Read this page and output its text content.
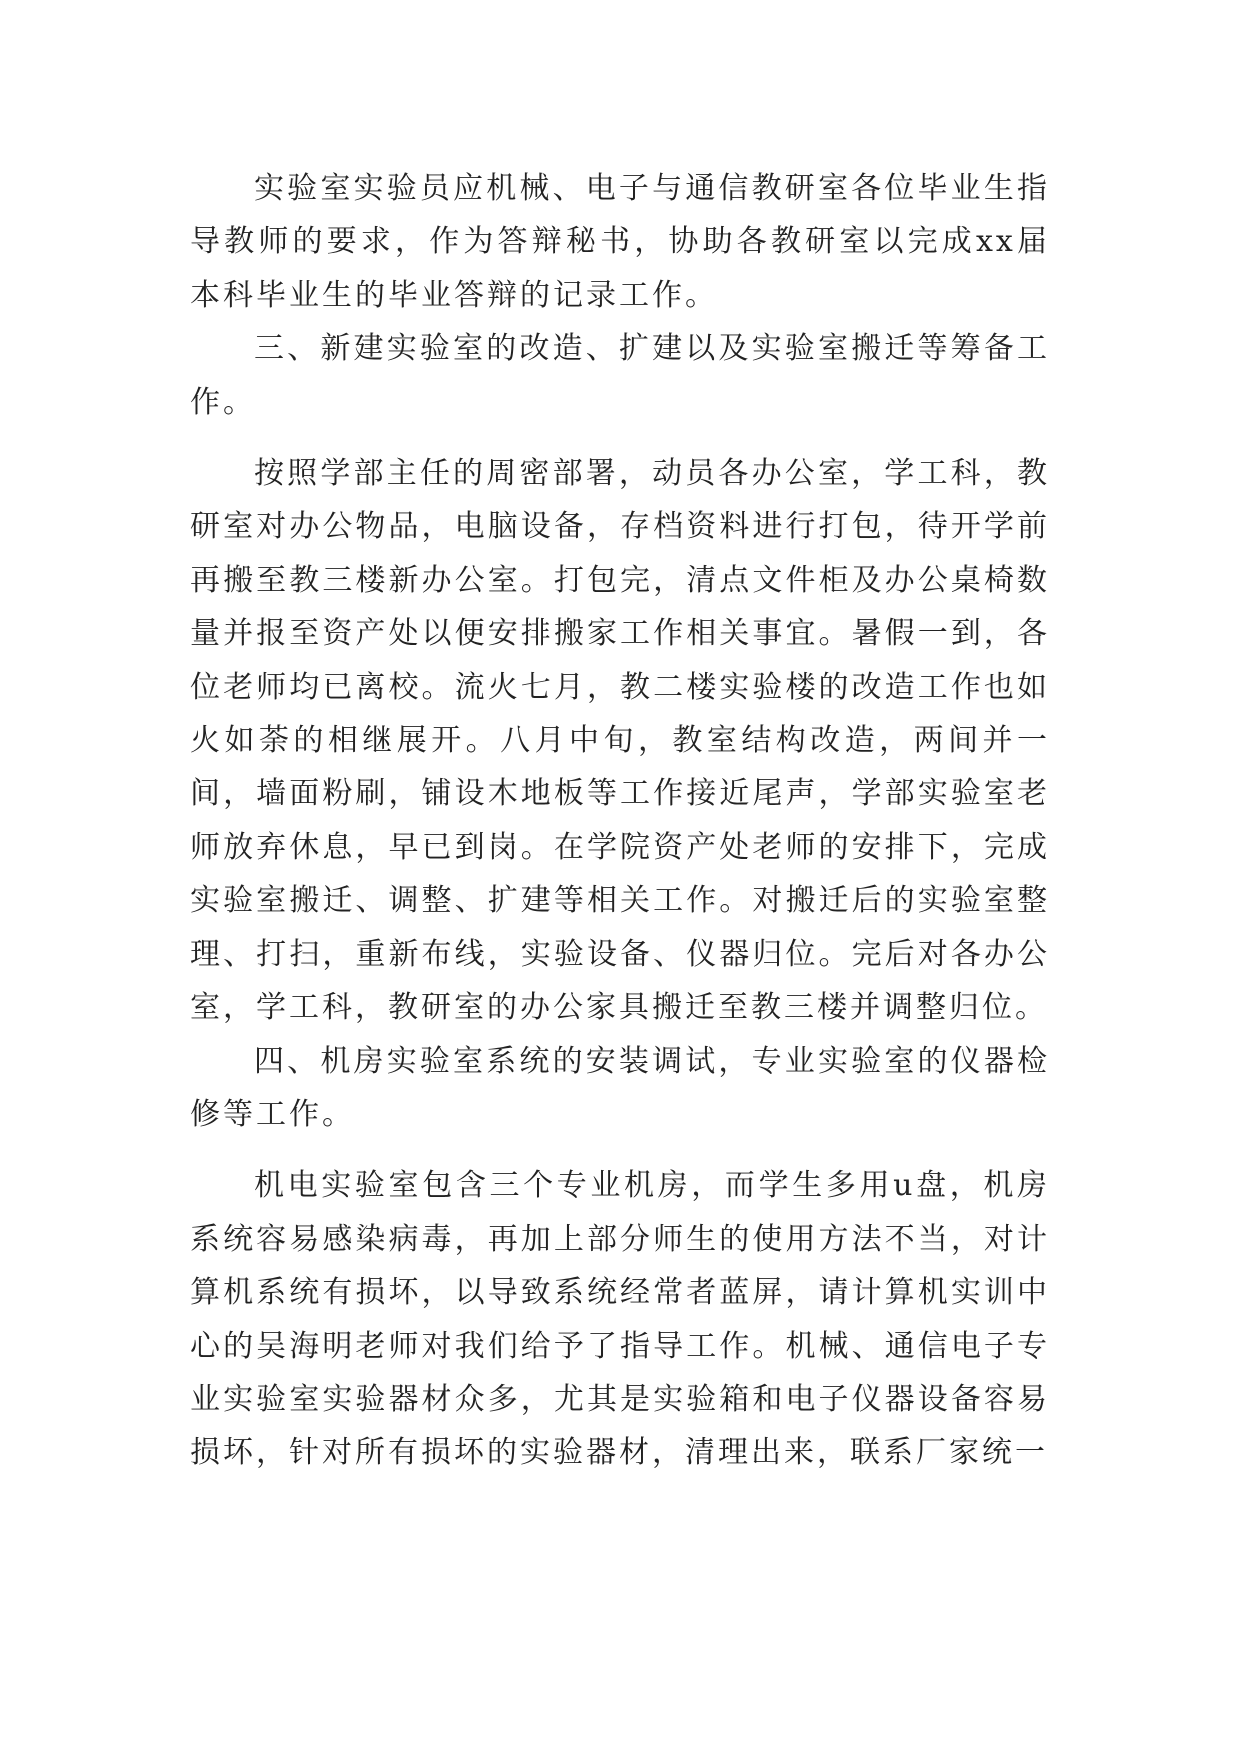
实验室实验员应机械、电子与通信教研室各位毕业生指导教师的要求，作为答辩秘书，协助各教研室以完成xx届本科毕业生的毕业答辩的记录工作。

三、新建实验室的改造、扩建以及实验室搬迁等筹备工作。

按照学部主任的周密部署，动员各办公室，学工科，教研室对办公物品，电脑设备，存档资料进行打包，待开学前再搬至教三楼新办公室。打包完，清点文件柜及办公桌椅数量并报至资产处以便安排搬家工作相关事宜。暑假一到，各位老师均已离校。流火七月，教二楼实验楼的改造工作也如火如荼的相继展开。八月中旬，教室结构改造，两间并一间，墙面粉刷，铺设木地板等工作接近尾声，学部实验室老师放弃休息，早已到岗。在学院资产处老师的安排下，完成实验室搬迁、调整、扩建等相关工作。对搬迁后的实验室整理、打扫，重新布线，实验设备、仪器归位。完后对各办公室，学工科，教研室的办公家具搬迁至教三楼并调整归位。

四、机房实验室系统的安装调试，专业实验室的仪器检修等工作。

机电实验室包含三个专业机房，而学生多用u盘，机房系统容易感染病毒，再加上部分师生的使用方法不当，对计算机系统有损坏，以导致系统经常者蓝屏，请计算机实训中心的吴海明老师对我们给予了指导工作。机械、通信电子专业实验室实验器材众多，尤其是实验箱和电子仪器设备容易损坏，针对所有损坏的实验器材，清理出来，联系厂家统一
